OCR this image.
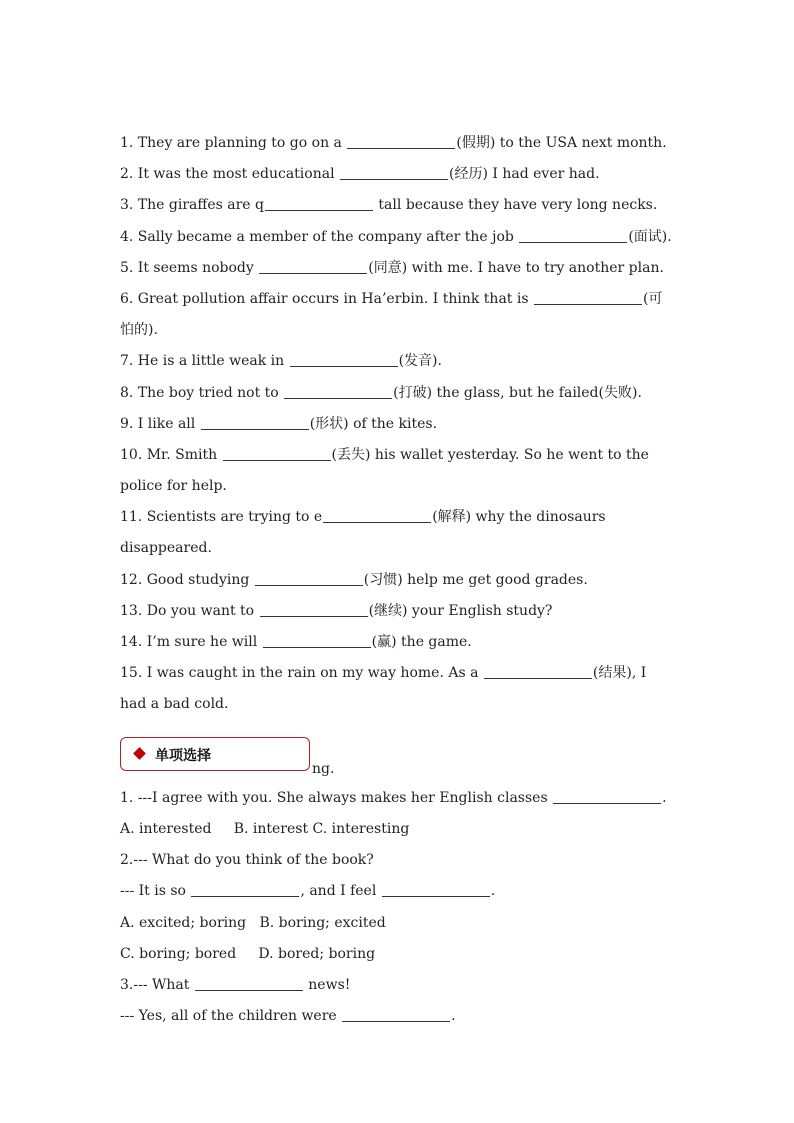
1. They are planning to go on a	(假期) to the USA next month.
2. It was the most educational	(经历) I had ever had.
3. The giraffes are q	tall because they have very long necks.
4. Sally became a member of the company after the job	(面试).
5. It seems nobody	(同意) with me. I have to try another plan.
6. Great pollution affair occurs in Ha’erbin. I think that is	(可
怕的).
7. He is a little weak in	(发音).
8. The boy tried not to	(打破) the glass, but he failed(失败).
9. I like all	(形状) of the kites.
10. Mr. Smith	(丢失) his wallet yesterday. So he went to the
police for help.
11. Scientists are trying to e	(解释) why the dinosaurs
disappeared.
12. Good studying	(习惯) help me get good grades.
13. Do you want to	(继续) your English study?
14. I’m sure he will	(赢) the game.
15. I was caught in the rain on my way home. As a	(结果), I
had a bad cold.
单项选择
ng.
1. ---I agree with you. She always makes her English classes	.
A. interested     B. interest C. interesting
2.--- What do you think of the book?
--- It is so	, and I feel	.
A. excited; boring   B. boring; excited
C. boring; bored     D. bored; boring
3.--- What	news!
--- Yes, all of the children were	.
